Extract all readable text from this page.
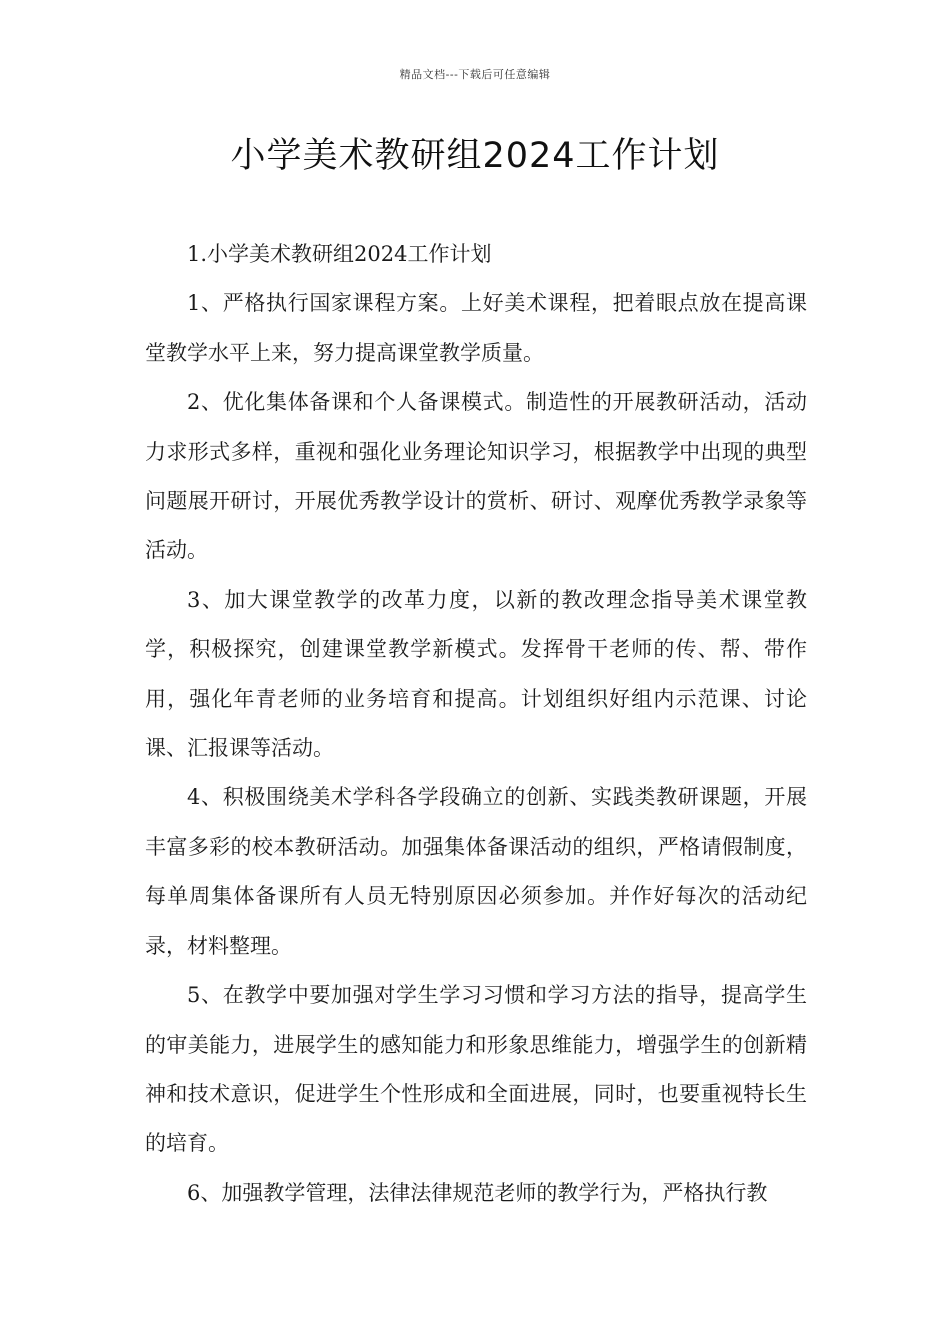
精品文档---下载后可任意编辑
小学美术教研组2024工作计划

1.小学美术教研组2024工作计划

1、严格执行国家课程方案。上好美术课程，把着眼点放在提高课堂教学水平上来，努力提高课堂教学质量。

2、优化集体备课和个人备课模式。制造性的开展教研活动，活动力求形式多样，重视和强化业务理论知识学习，根据教学中出现的典型问题展开研讨，开展优秀教学设计的赏析、研讨、观摩优秀教学录象等活动。

3、加大课堂教学的改革力度，以新的教改理念指导美术课堂教学，积极探究，创建课堂教学新模式。发挥骨干老师的传、帮、带作用，强化年青老师的业务培育和提高。计划组织好组内示范课、讨论课、汇报课等活动。

4、积极围绕美术学科各学段确立的创新、实践类教研课题，开展丰富多彩的校本教研活动。加强集体备课活动的组织，严格请假制度，每单周集体备课所有人员无特别原因必须参加。并作好每次的活动纪录，材料整理。

5、在教学中要加强对学生学习习惯和学习方法的指导，提高学生的审美能力，进展学生的感知能力和形象思维能力，增强学生的创新精神和技术意识，促进学生个性形成和全面进展，同时，也要重视特长生的培育。

6、加强教学管理，法律法律规范老师的教学行为，严格执行教
